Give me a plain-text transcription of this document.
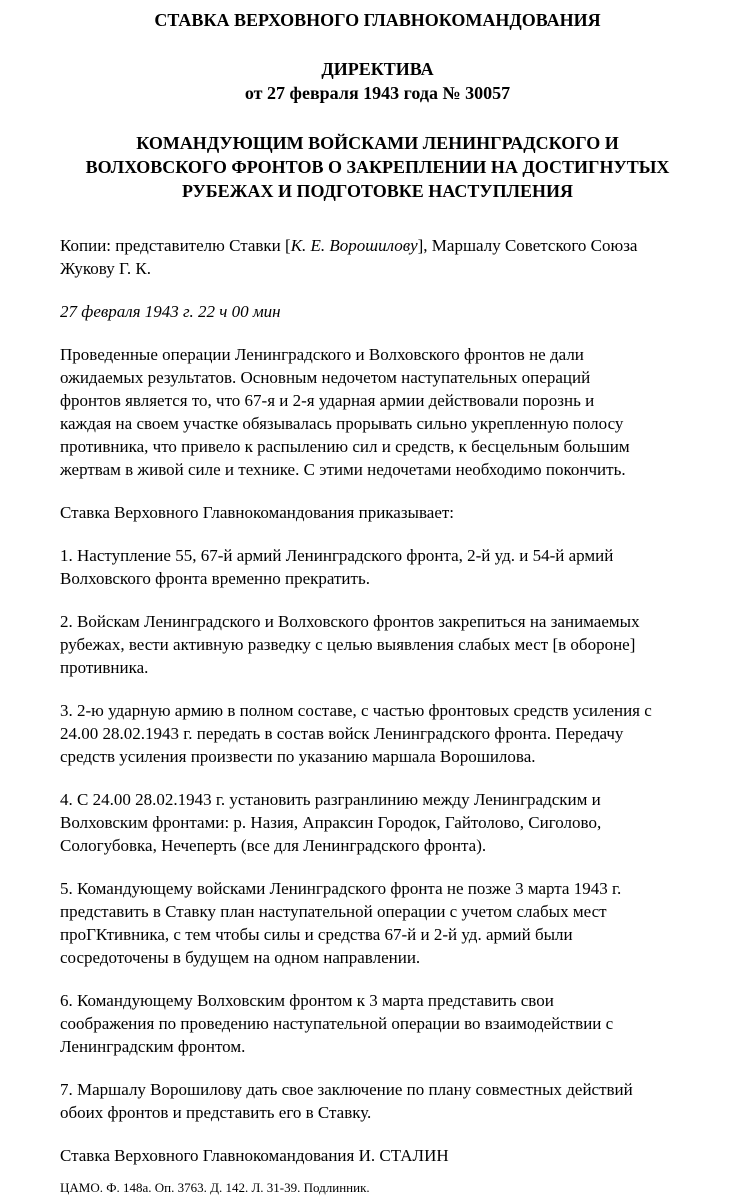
СТАВКА ВЕРХОВНОГО ГЛАВНОКОМАНДОВАНИЯ

ДИРЕКТИВА

от 27 февраля 1943 года № 30057

КОМАНДУЮЩИМ ВОЙСКАМИ ЛЕНИНГРАДСКОГО И
ВОЛХОВСКОГО ФРОНТОВ О ЗАКРЕПЛЕНИИ НА ДОСТИГНУТЫХ
РУБЕЖАХ И ПОДГОТОВКЕ НАСТУПЛЕНИЯ

Копии: представителю Ставки [К. Е. Ворошилову], Маршалу Советского Союза
Жукову Г. К.

27 февраля 1943 г. 22 ч 00 мин

Проведенные операции Ленинградского и Волховского фронтов не дали
ожидаемых результатов. Основным недочетом наступательных операций
фронтов является то, что 67-я и 2-я ударная армии действовали порознь и
каждая на своем участке обязывалась прорывать сильно укрепленную полосу
противника, что привело к распылению сил и средств, к бесцельным большим
жертвам в живой силе и технике. С этими недочетами необходимо покончить.

Ставка Верховного Главнокомандования приказывает:

1. Наступление 55, 67-й армий Ленинградского фронта, 2-й уд. и 54-й армий
Волховского фронта временно прекратить.

2. Войскам Ленинградского и Волховского фронтов закрепиться на занимаемых
рубежах, вести активную разведку с целью выявления слабых мест [в обороне]
противника.

3. 2-ю ударную армию в полном составе, с частью фронтовых средств усиления с
24.00 28.02.1943 г. передать в состав войск Ленинградского фронта. Передачу
средств усиления произвести по указанию маршала Ворошилова.

4. С 24.00 28.02.1943 г. установить разгранлинию между Ленинградским и
Волховским фронтами: р. Назия, Апраксин Городок, Гайтолово, Сиголово,
Сологубовка, Нечеперть (все для Ленинградского фронта).

5. Командующему войсками Ленинградского фронта не позже 3 марта 1943 г.
представить в Ставку план наступательной операции с учетом слабых мест
проГКтивника, с тем чтобы силы и средства 67-й и 2-й уд. армий были
сосредоточены в будущем на одном направлении.

6. Командующему Волховским фронтом к 3 марта представить свои
соображения по проведению наступательной операции во взаимодействии с
Ленинградским фронтом.

7. Маршалу Ворошилову дать свое заключение по плану совместных действий
обоих фронтов и представить его в Ставку.

Ставка Верховного Главнокомандования И. СТАЛИН

ЦАМО. Ф. 148а. Оп. 3763. Д. 142. Л. 31-39. Подлинник.
